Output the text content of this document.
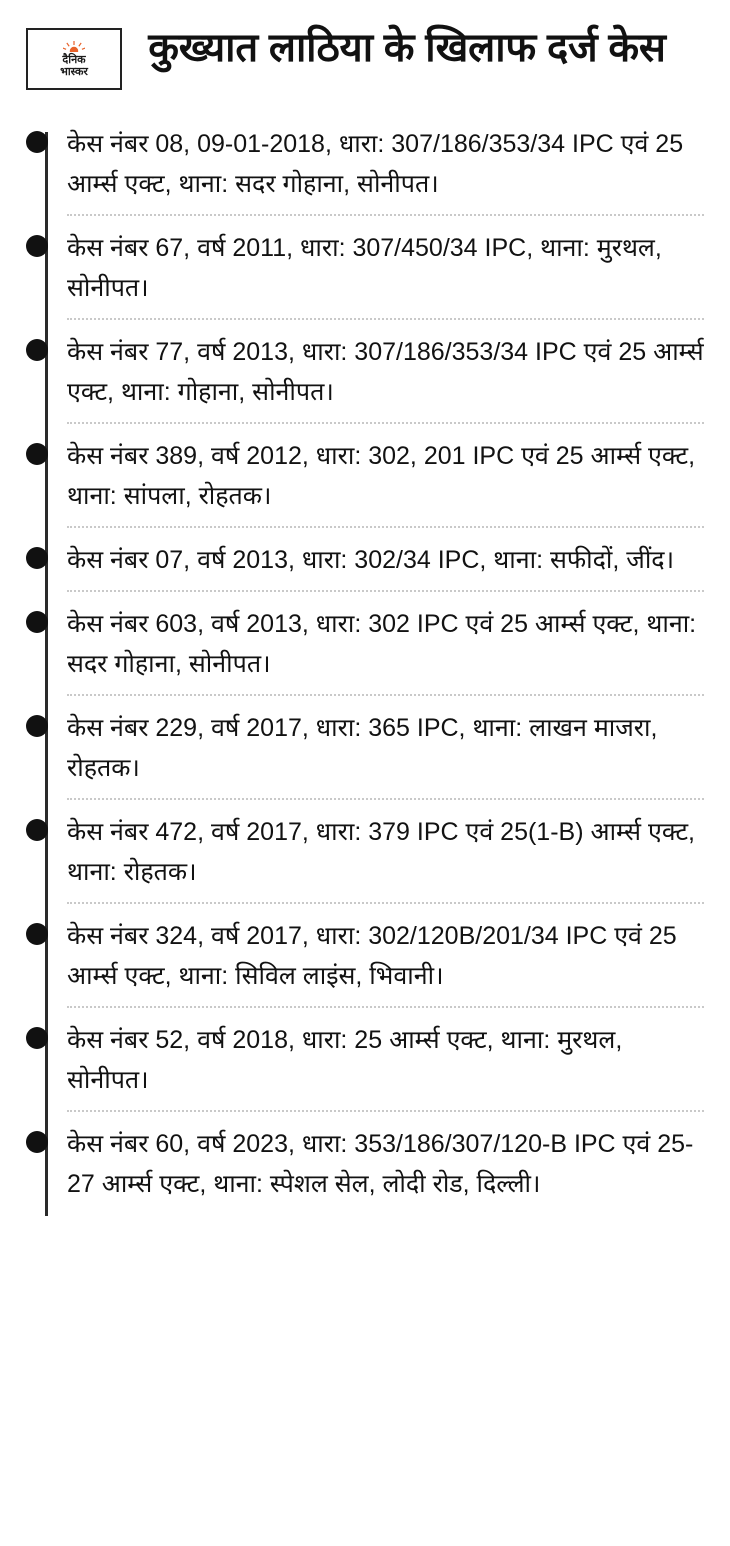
दैनिक
भास्कर
कुख्यात लाठिया के खिलाफ दर्ज केस
केस नंबर 08, 09-01-2018, धारा: 307/186/353/34 IPC एवं 25 आर्म्स एक्ट, थाना: सदर गोहाना, सोनीपत।
केस नंबर 67, वर्ष 2011, धारा: 307/450/34 IPC, थाना: मुरथल, सोनीपत।
केस नंबर 77, वर्ष 2013, धारा: 307/186/353/34 IPC एवं 25 आर्म्स एक्ट, थाना: गोहाना, सोनीपत।
केस नंबर 389, वर्ष 2012, धारा: 302, 201 IPC एवं 25 आर्म्स एक्ट, थाना: सांपला, रोहतक।
केस नंबर 07, वर्ष 2013, धारा: 302/34 IPC, थाना: सफीदों, जींद।
केस नंबर 603, वर्ष 2013, धारा: 302 IPC एवं 25 आर्म्स एक्ट, थाना: सदर गोहाना, सोनीपत।
केस नंबर 229, वर्ष 2017, धारा: 365 IPC, थाना: लाखन माजरा, रोहतक।
केस नंबर 472, वर्ष 2017, धारा: 379 IPC एवं 25(1-B) आर्म्स एक्ट, थाना: रोहतक।
केस नंबर 324, वर्ष 2017, धारा: 302/120B/201/34 IPC एवं 25 आर्म्स एक्ट, थाना: सिविल लाइंस, भिवानी।
केस नंबर 52, वर्ष 2018, धारा: 25 आर्म्स एक्ट, थाना: मुरथल, सोनीपत।
केस नंबर 60, वर्ष 2023, धारा: 353/186/307/120-B IPC एवं 25-27 आर्म्स एक्ट, थाना: स्पेशल सेल, लोदी रोड, दिल्ली।
